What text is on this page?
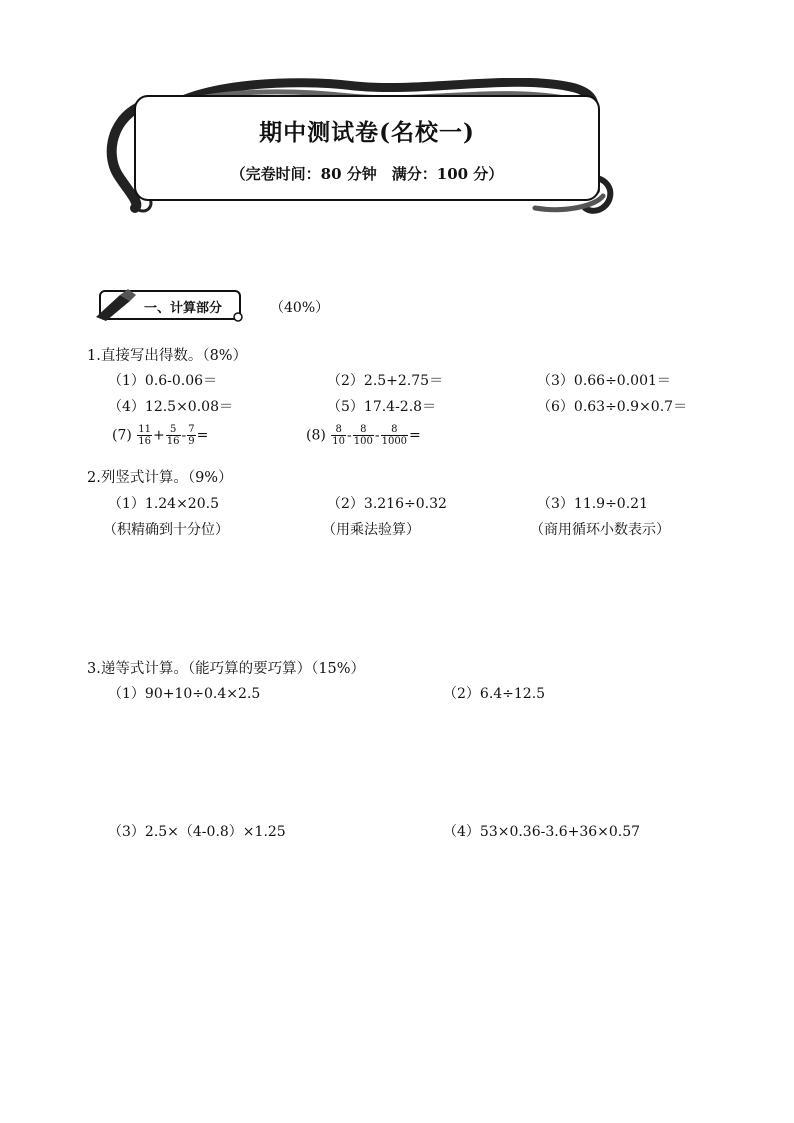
期中测试卷(名校一)
（完卷时间：80 分钟　满分：100 分）
一、计算部分	（40%）
1.直接写出得数。（8%）
（1）0.6-0.06＝	（2）2.5+2.75＝	（3）0.66÷0.001＝
（4）12.5×0.08＝	（5）17.4-2.8＝	（6）0.63÷0.9×0.7＝
$(7) \frac{11}{16} + \frac{5}{16} - \frac{7}{9}$ =	$(8) \frac{8}{10} - \frac{8}{100} - \frac{8}{1000}$ =
2.列竖式计算。（9%）
（1）1.24×20.5	（2）3.216÷0.32	（3）11.9÷0.21
（积精确到十分位）	（用乘法验算）	（商用循环小数表示）
3.递等式计算。（能巧算的要巧算）（15%）
（1）90+10÷0.4×2.5	（2）6.4÷12.5
（3）2.5×（4-0.8）×1.25	（4）53×0.36-3.6+36×0.57
